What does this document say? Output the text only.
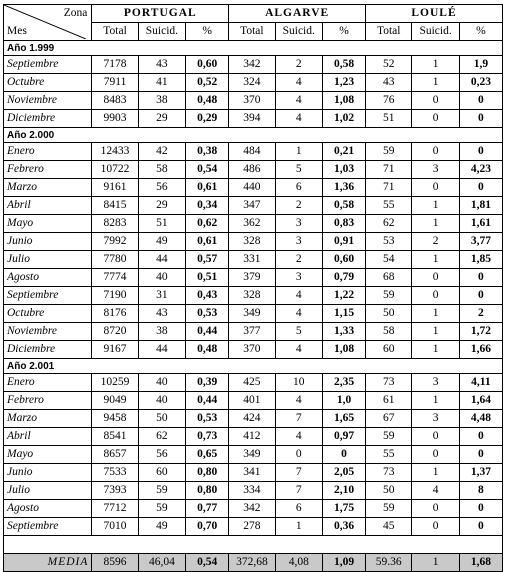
Zona
Mes	PORTUGAL			ALGARVE			LOULÉ		
	Total	Suicid.	%	Total	Suicid.	%	Total	Suicid.	%
Año 1.999									
Septiembre	7178	43	0,60	342	2	0,58	52	1	1,9
Octubre	7911	41	0,52	324	4	1,23	43	1	0,23
Noviembre	8483	38	0,48	370	4	1,08	76	0	0
Diciembre	9903	29	0,29	394	4	1,02	51	0	0
Año 2.000									
Enero	12433	42	0,38	484	1	0,21	59	0	0
Febrero	10722	58	0,54	486	5	1,03	71	3	4,23
Marzo	9161	56	0,61	440	6	1,36	71	0	0
Abril	8415	29	0,34	347	2	0,58	55	1	1,81
Mayo	8283	51	0,62	362	3	0,83	62	1	1,61
Junio	7992	49	0,61	328	3	0,91	53	2	3,77
Julio	7780	44	0,57	331	2	0,60	54	1	1,85
Agosto	7774	40	0,51	379	3	0,79	68	0	0
Septiembre	7190	31	0,43	328	4	1,22	59	0	0
Octubre	8176	43	0,53	349	4	1,15	50	1	2
Noviembre	8720	38	0,44	377	5	1,33	58	1	1,72
Diciembre	9167	44	0,48	370	4	1,08	60	1	1,66
Año 2.001									
Enero	10259	40	0,39	425	10	2,35	73	3	4,11
Febrero	9049	40	0,44	401	4	1,0	61	1	1,64
Marzo	9458	50	0,53	424	7	1,65	67	3	4,48
Abril	8541	62	0,73	412	4	0,97	59	0	0
Mayo	8657	56	0,65	349	0	0	55	0	0
Junio	7533	60	0,80	341	7	2,05	73	1	1,37
Julio	7393	59	0,80	334	7	2,10	50	4	8
Agosto	7712	59	0,77	342	6	1,75	59	0	0
Septiembre	7010	49	0,70	278	1	0,36	45	0	0

MEDIA	8596	46,04	0,54	372,68	4,08	1,09	59.36	1	1,68
